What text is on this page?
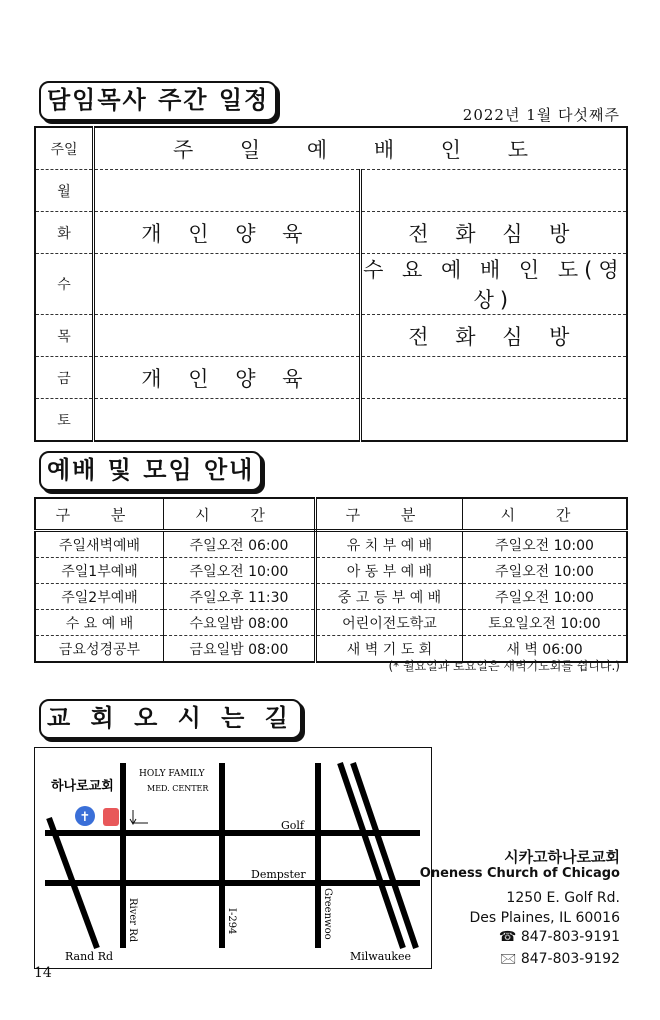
담임목사 주간 일정
2022년 1월 다섯째주
주일	주 일 예 배 인 도	
월		
화	개 인 양 육	전 화 심 방
수		수 요 예 배 인 도(영상)
목		전 화 심 방
금	개 인 양 육	
토		
예배 및 모임 안내
구 분	시 간	구 분	시 간
주일새벽예배	주일오전 06:00	유 치 부 예 배	주일오전 10:00
주일1부예배	주일오전 10:00	아 동 부 예 배	주일오전 10:00
주일2부예배	주일오후 11:30	중 고 등 부 예 배	주일오전 10:00
수 요 예 배	수요일밤 08:00	어린이전도학교	토요일오전 10:00
금요성경공부	금요일밤 08:00	새 벽 기 도 회	새 벽 06:00
(* 월요일과 토요일은 새벽기도회를 쉽니다.)
교 회 오 시 는 길
✝
하나로교회
HOLY FAMILY
MED. CENTER
Golf
Dempster
River Rd	I-294	Greenwoo
Rand Rd	Milwaukee
시카고하나로교회
Oneness Church of Chicago
1250 E. Golf Rd.
Des Plaines, IL 60016
☎ 847-803-9191
🖂 847-803-9192
14
